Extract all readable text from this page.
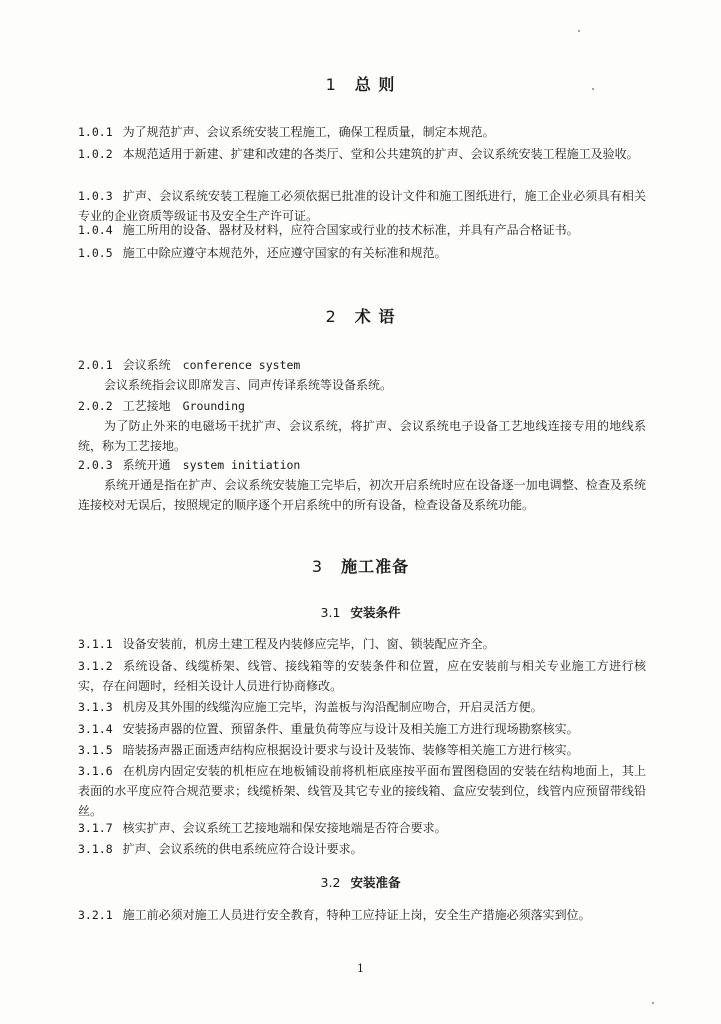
1 总 则
1.0.1 为了规范扩声、会议系统安装工程施工，确保工程质量，制定本规范。
1.0.2 本规范适用于新建、扩建和改建的各类厅、堂和公共建筑的扩声、会议系统安装工程施工及验收。
1.0.3 扩声、会议系统安装工程施工必须依据已批准的设计文件和施工图纸进行，施工企业必须具有相关专业的企业资质等级证书及安全生产许可证。
1.0.4 施工所用的设备、器材及材料，应符合国家或行业的技术标准，并具有产品合格证书。
1.0.5 施工中除应遵守本规范外，还应遵守国家的有关标准和规范。
2 术 语
2.0.1 会议系统 conference system
会议系统指会议即席发言、同声传译系统等设备系统。
2.0.2 工艺接地 Grounding
为了防止外来的电磁场干扰扩声、会议系统，将扩声、会议系统电子设备工艺地线连接专用的地线系统，称为工艺接地。
2.0.3 系统开通 system initiation
系统开通是指在扩声、会议系统安装施工完毕后，初次开启系统时应在设备逐一加电调整、检查及系统连接校对无误后，按照规定的顺序逐个开启系统中的所有设备，检查设备及系统功能。
3 施工准备
3.1 安装条件
3.1.1 设备安装前，机房土建工程及内装修应完毕，门、窗、锁装配应齐全。
3.1.2 系统设备、线缆桥架、线管、接线箱等的安装条件和位置，应在安装前与相关专业施工方进行核实，存在问题时，经相关设计人员进行协商修改。
3.1.3 机房及其外围的线缆沟应施工完毕，沟盖板与沟沿配制应吻合，开启灵活方便。
3.1.4 安装扬声器的位置、预留条件、重量负荷等应与设计及相关施工方进行现场勘察核实。
3.1.5 暗装扬声器正面透声结构应根据设计要求与设计及装饰、装修等相关施工方进行核实。
3.1.6 在机房内固定安装的机柜应在地板铺设前将机柜底座按平面布置图稳固的安装在结构地面上，其上表面的水平度应符合规范要求；线缆桥架、线管及其它专业的接线箱、盒应安装到位，线管内应预留带线铅丝。
3.1.7 核实扩声、会议系统工艺接地端和保安接地端是否符合要求。
3.1.8 扩声、会议系统的供电系统应符合设计要求。
3.2 安装准备
3.2.1 施工前必须对施工人员进行安全教育，特种工应持证上岗，安全生产措施必须落实到位。
1
